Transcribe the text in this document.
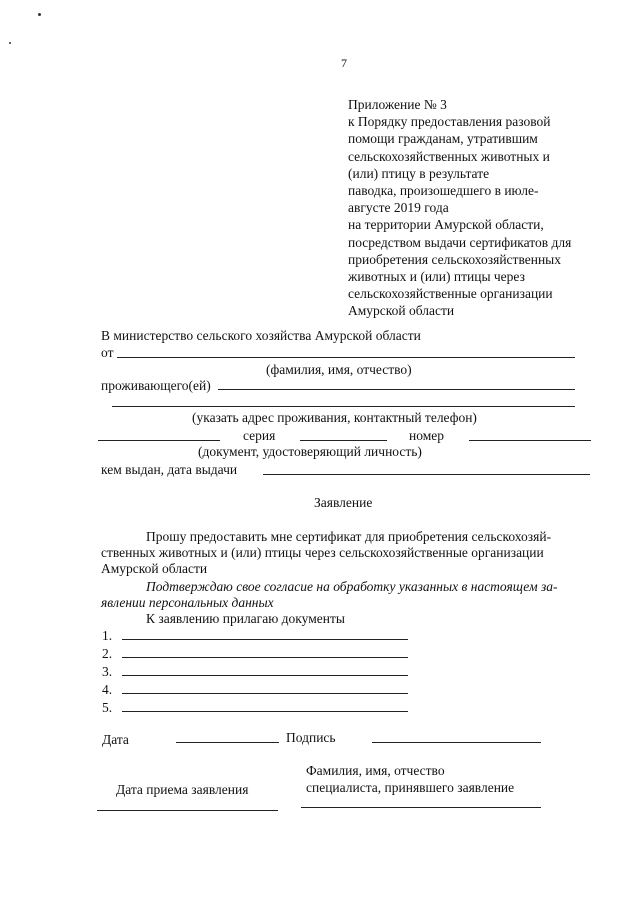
7
Приложение № 3
к Порядку предоставления разовой
помощи гражданам, утратившим
сельскохозяйственных животных и
(или) птицу в результате
паводка, произошедшего в июле-
августе 2019 года
на территории Амурской области,
посредством выдачи сертификатов для
приобретения сельскохозяйственных
животных и (или) птицы через
сельскохозяйственные организации
Амурской области
В министерство сельского хозяйства Амурской области
от
(фамилия, имя, отчество)
проживающего(ей)
(указать адрес проживания, контактный телефон)
серия	номер
(документ, удостоверяющий личность)
кем выдан, дата выдачи
Заявление
Прошу предоставить мне сертификат для приобретения сельскохозяй-
ственных животных и (или) птицы через сельскохозяйственные организации
Амурской области
Подтверждаю свое согласие на обработку указанных в настоящем за-
явлении персональных данных
К заявлению прилагаю документы
1.
2.
3.
4.
5.
Дата	Подпись
Фамилия, имя, отчество
Дата приема заявления	специалиста, принявшего заявление
